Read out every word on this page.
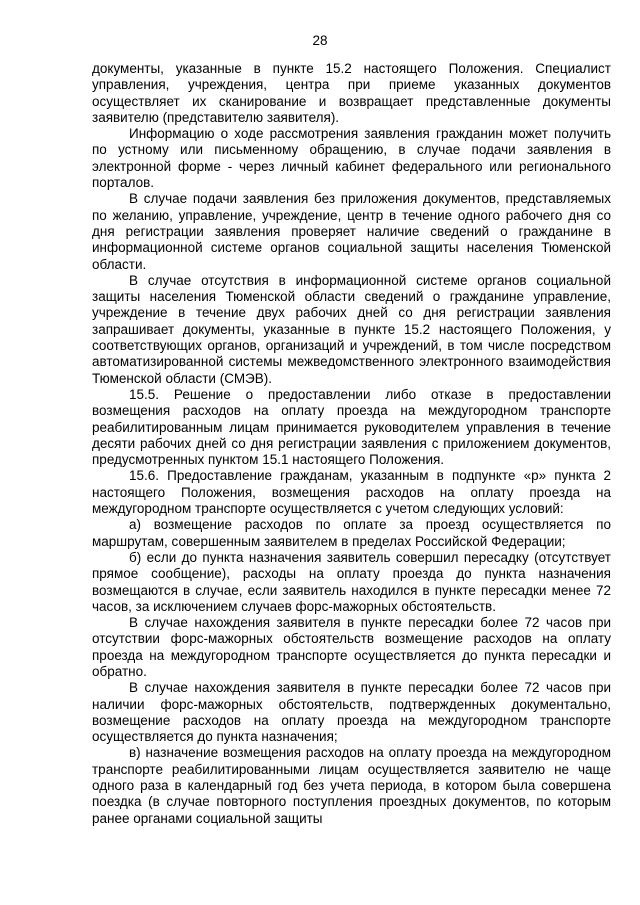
28

документы, указанные в пункте 15.2 настоящего Положения. Специалист управления, учреждения, центра при приеме указанных документов осуществляет их сканирование и возвращает представленные документы заявителю (представителю заявителя).

Информацию о ходе рассмотрения заявления гражданин может получить по устному или письменному обращению, в случае подачи заявления в электронной форме - через личный кабинет федерального или регионального порталов.

В случае подачи заявления без приложения документов, представляемых по желанию, управление, учреждение, центр в течение одного рабочего дня со дня регистрации заявления проверяет наличие сведений о гражданине в информационной системе органов социальной защиты населения Тюменской области.

В случае отсутствия в информационной системе органов социальной защиты населения Тюменской области сведений о гражданине управление, учреждение в течение двух рабочих дней со дня регистрации заявления запрашивает документы, указанные в пункте 15.2 настоящего Положения, у соответствующих органов, организаций и учреждений, в том числе посредством автоматизированной системы межведомственного электронного взаимодействия Тюменской области (СМЭВ).

15.5. Решение о предоставлении либо отказе в предоставлении возмещения расходов на оплату проезда на междугородном транспорте реабилитированным лицам принимается руководителем управления в течение десяти рабочих дней со дня регистрации заявления с приложением документов, предусмотренных пунктом 15.1 настоящего Положения.

15.6. Предоставление гражданам, указанным в подпункте «р» пункта 2 настоящего Положения, возмещения расходов на оплату проезда на междугородном транспорте осуществляется с учетом следующих условий:

а) возмещение расходов по оплате за проезд осуществляется по маршрутам, совершенным заявителем в пределах Российской Федерации;

б) если до пункта назначения заявитель совершил пересадку (отсутствует прямое сообщение), расходы на оплату проезда до пункта назначения возмещаются в случае, если заявитель находился в пункте пересадки менее 72 часов, за исключением случаев форс-мажорных обстоятельств.

В случае нахождения заявителя в пункте пересадки более 72 часов при отсутствии форс-мажорных обстоятельств возмещение расходов на оплату проезда на междугородном транспорте осуществляется до пункта пересадки и обратно.

В случае нахождения заявителя в пункте пересадки более 72 часов при наличии форс-мажорных обстоятельств, подтвержденных документально, возмещение расходов на оплату проезда на междугородном транспорте осуществляется до пункта назначения;

в) назначение возмещения расходов на оплату проезда на междугородном транспорте реабилитированными лицам осуществляется заявителю не чаще одного раза в календарный год без учета периода, в котором была совершена поездка (в случае повторного поступления проездных документов, по которым ранее органами социальной защиты
